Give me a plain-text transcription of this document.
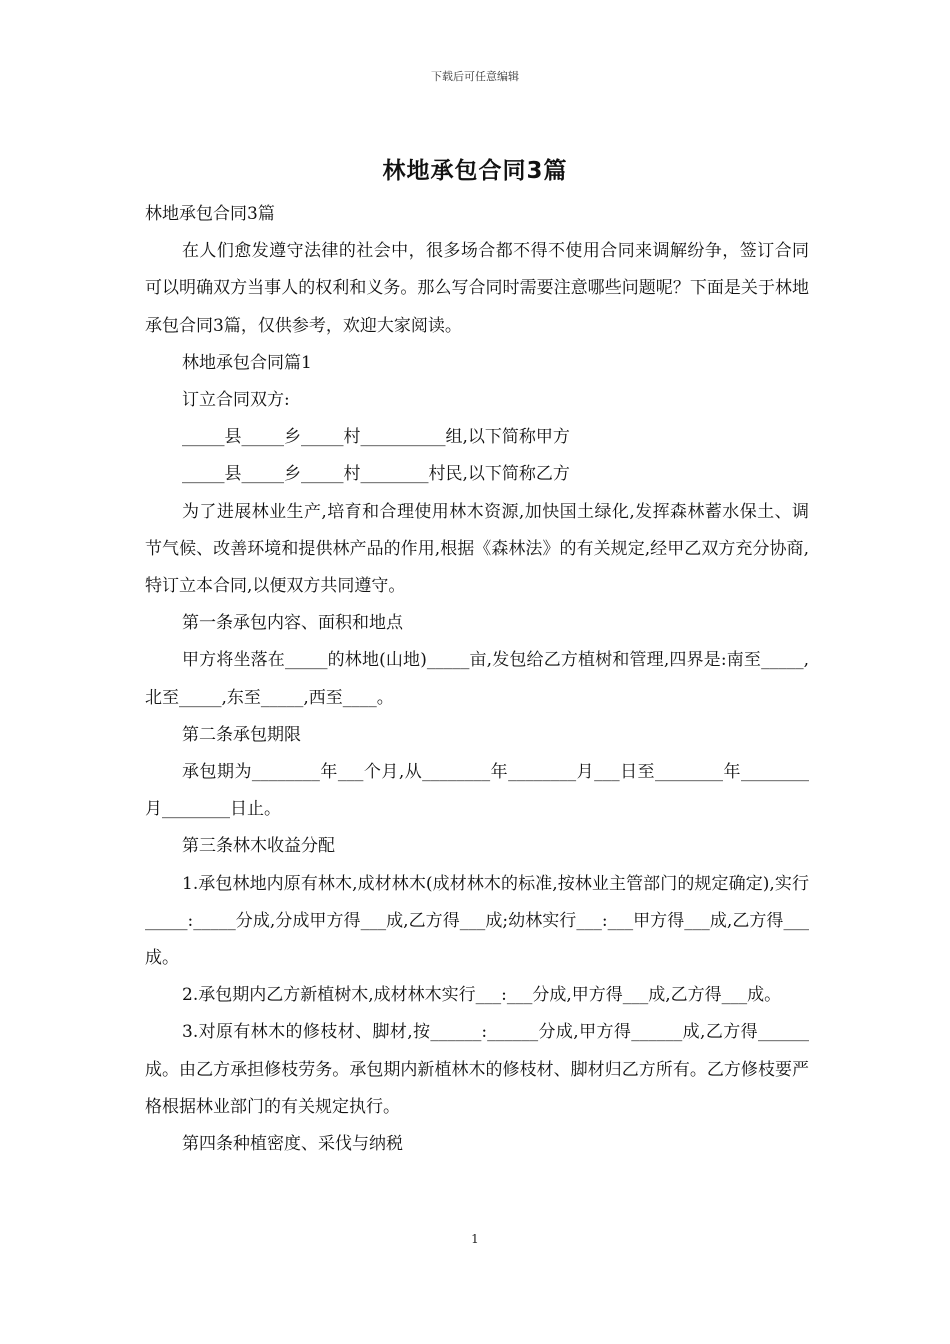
下载后可任意编辑
林地承包合同3篇

林地承包合同3篇

在人们愈发遵守法律的社会中，很多场合都不得不使用合同来调解纷争，签订合同可以明确双方当事人的权利和义务。那么写合同时需要注意哪些问题呢？下面是关于林地承包合同3篇，仅供参考，欢迎大家阅读。

林地承包合同篇1

订立合同双方:

_____县_____乡_____村__________组,以下简称甲方

_____县_____乡_____村________村民,以下简称乙方

为了进展林业生产,培育和合理使用林木资源,加快国土绿化,发挥森林蓄水保土、调节气候、改善环境和提供林产品的作用,根据《森林法》的有关规定,经甲乙双方充分协商,特订立本合同,以便双方共同遵守。

第一条承包内容、面积和地点

甲方将坐落在_____的林地(山地)_____亩,发包给乙方植树和管理,四界是:南至_____,北至_____,东至_____,西至____。

第二条承包期限

承包期为________年___个月,从________年________月___日至________年________月________日止。

第三条林木收益分配

1.承包林地内原有林木,成材林木(成材林木的标准,按林业主管部门的规定确定),实行_____:_____分成,分成甲方得___成,乙方得___成;幼林实行___:___甲方得___成,乙方得___成。

2.承包期内乙方新植树木,成材林木实行___:___分成,甲方得___成,乙方得___成。

3.对原有林木的修枝材、脚材,按______:______分成,甲方得______成,乙方得______成。由乙方承担修枝劳务。承包期内新植林木的修枝材、脚材归乙方所有。乙方修枝要严格根据林业部门的有关规定执行。

第四条种植密度、采伐与纳税

1
